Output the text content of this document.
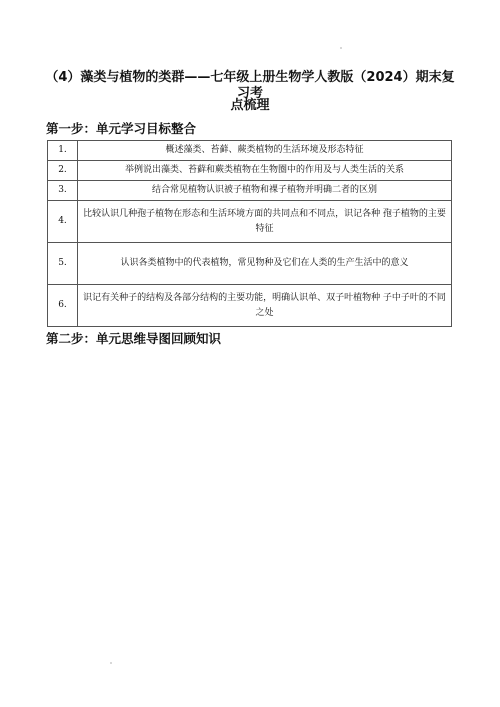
（4）藻类与植物的类群——七年级上册生物学人教版（2024）期末复习考
点梳理
第一步：单元学习目标整合
1.	概述藻类、苔藓、蕨类植物的生活环境及形态特征
2.	举例说出藻类、苔藓和蕨类植物在生物圈中的作用及与人类生活的关系
3.	结合常见植物认识被子植物和裸子植物并明确二者的区别
4.	比较认识几种孢子植物在形态和生活环境方面的共同点和不同点，识记各种 孢子植物的主要特征
5.	认识各类植物中的代表植物，常见物种及它们在人类的生产生活中的意义
6.	识记有关种子的结构及各部分结构的主要功能，明确认识单、双子叶植物种 子中子叶的不同之处
第二步：单元思维导图回顾知识
